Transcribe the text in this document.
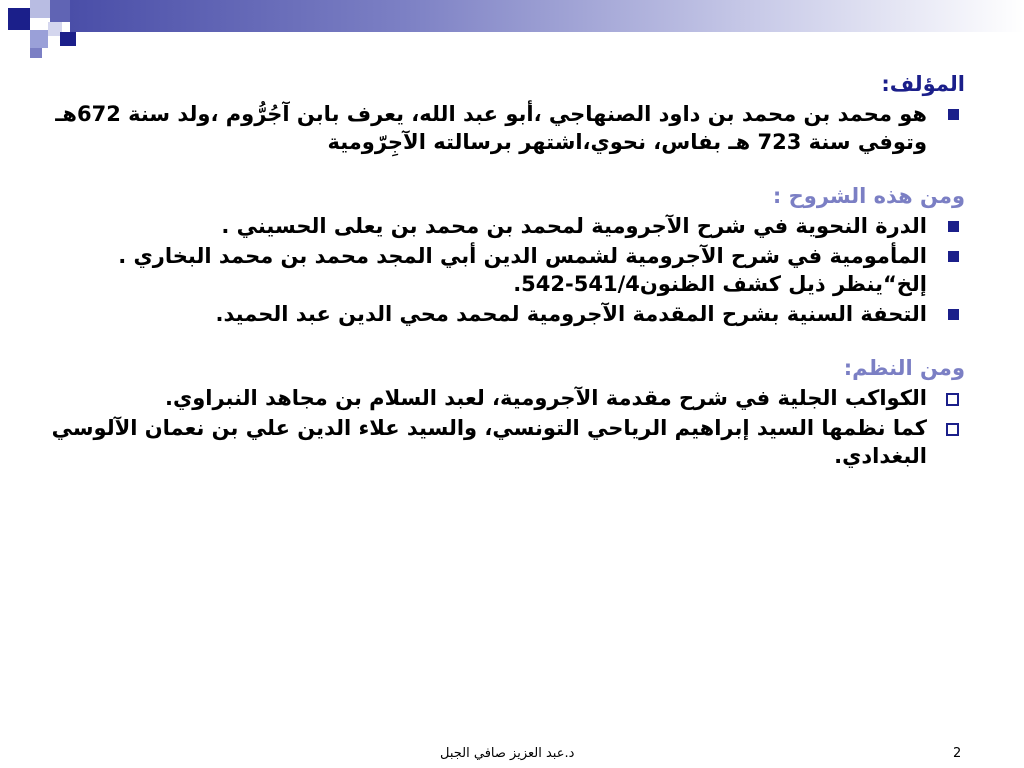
المؤلف:

هو محمد بن محمد بن داود الصنهاجي ،أبو عبد الله، يعرف بابن آجُرُّوم ،ولد سنة 672هـ وتوفي سنة 723 هـ بفاس، نحوي،اشتهر برسالته الآجِرّومية

ومن هذه الشروح :

الدرة النحوية في شرح الآجرومية لمحمد بن محمد بن يعلى الحسيني .
المأمومية في شرح الآجرومية لشمس الدين أبي المجد محمد بن محمد البخاري . إلخ“ينظر ذيل كشف الظنون541/4-542.
التحفة السنية بشرح المقدمة الآجرومية لمحمد محي الدين عبد الحميد.

ومن النظم:

الكواكب الجلية في شرح مقدمة الآجرومية، لعبد السلام بن مجاهد النبراوي.
كما نظمها السيد إبراهيم الرياحي التونسي، والسيد علاء الدين علي بن نعمان الآلوسي البغدادي.
د.عبد العزيز صافي الجبل	2
